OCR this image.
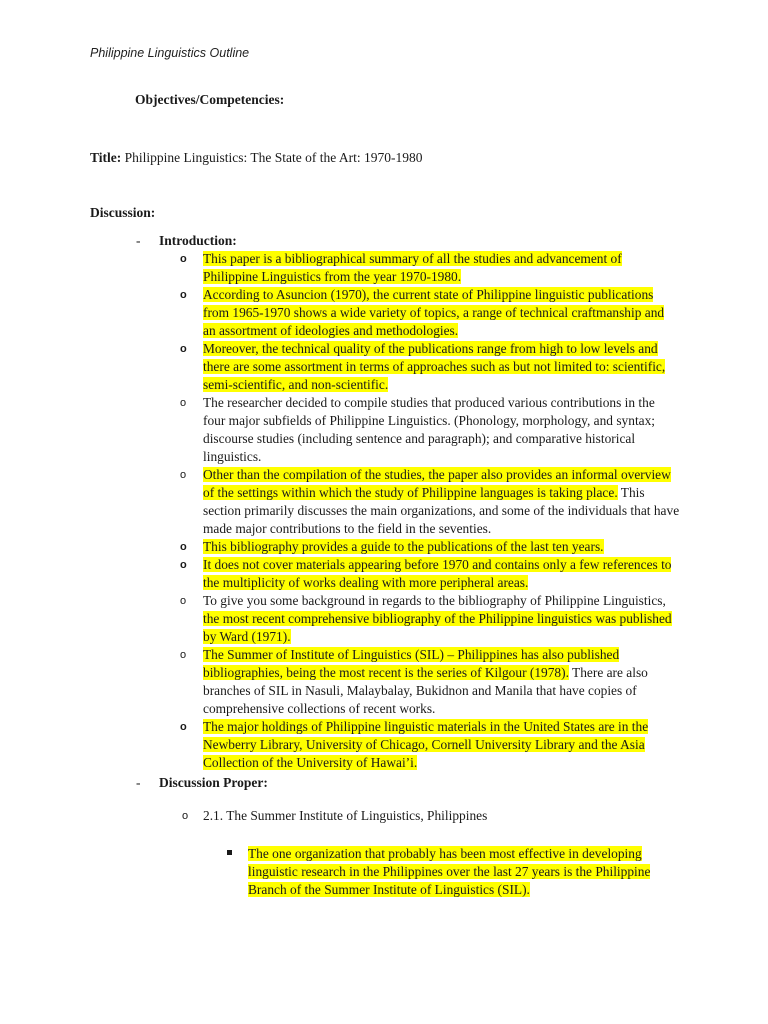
Philippine Linguistics Outline
Objectives/Competencies:
Title: Philippine Linguistics: The State of the Art: 1970-1980
Discussion:
- Introduction:
o This paper is a bibliographical summary of all the studies and advancement of Philippine Linguistics from the year 1970-1980.
o According to Asuncion (1970), the current state of Philippine linguistic publications from 1965-1970 shows a wide variety of topics, a range of technical craftmanship and an assortment of ideologies and methodologies.
o Moreover, the technical quality of the publications range from high to low levels and there are some assortment in terms of approaches such as but not limited to: scientific, semi-scientific, and non-scientific.
o The researcher decided to compile studies that produced various contributions in the four major subfields of Philippine Linguistics. (Phonology, morphology, and syntax; discourse studies (including sentence and paragraph); and comparative historical linguistics.
o Other than the compilation of the studies, the paper also provides an informal overview of the settings within which the study of Philippine languages is taking place. This section primarily discusses the main organizations, and some of the individuals that have made major contributions to the field in the seventies.
o This bibliography provides a guide to the publications of the last ten years.
o It does not cover materials appearing before 1970 and contains only a few references to the multiplicity of works dealing with more peripheral areas.
o To give you some background in regards to the bibliography of Philippine Linguistics, the most recent comprehensive bibliography of the Philippine linguistics was published by Ward (1971).
o The Summer of Institute of Linguistics (SIL) – Philippines has also published bibliographies, being the most recent is the series of Kilgour (1978). There are also branches of SIL in Nasuli, Malaybalay, Bukidnon and Manila that have copies of comprehensive collections of recent works.
o The major holdings of Philippine linguistic materials in the United States are in the Newberry Library, University of Chicago, Cornell University Library and the Asia Collection of the University of Hawai’i.
- Discussion Proper:
o 2.1. The Summer Institute of Linguistics, Philippines
The one organization that probably has been most effective in developing linguistic research in the Philippines over the last 27 years is the Philippine Branch of the Summer Institute of Linguistics (SIL).
